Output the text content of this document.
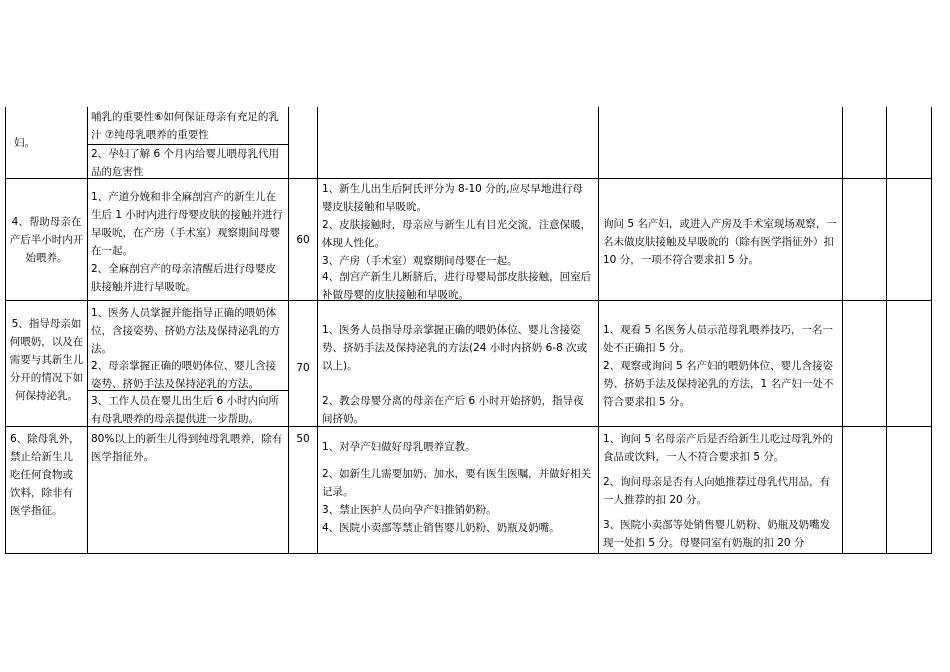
妇。

哺乳的重要性⑥如何保证母亲有充足的乳汁 ⑦纯母乳喂养的重要性

2、孕妇了解 6 个月内给婴儿喂母乳代用品的危害性

4、帮助母亲在产后半小时内开始喂养。

1、产道分娩和非全麻剖宫产的新生儿在生后 1 小时内进行母婴皮肤的接触并进行早吸吮，在产房（手术室）观察期间母婴在一起。

2、全麻剖宫产的母亲清醒后进行母婴皮肤接触并进行早吸吮。

60

1、新生儿出生后阿氏评分为 8-10 分的,应尽早地进行母婴皮肤接触和早吸吮。

2、皮肤接触时，母亲应与新生儿有目光交流，注意保暖，体现人性化。

3、产房（手术室）观察期间母婴在一起。

4、剖宫产新生儿断脐后，进行母婴局部皮肤接触，回室后补做母婴的皮肤接触和早吸吮。

询问 5 名产妇，或进入产房及手术室现场观察，一名未做皮肤接触及早吸吮的（除有医学指征外）扣 10 分，一项不符合要求扣 5 分。

5、指导母亲如何喂奶，以及在需要与其新生儿分开的情况下如何保持泌乳。

1、医务人员掌握并能指导正确的喂奶体位，含接姿势、挤奶方法及保持泌乳的方法。

2、母亲掌握正确的喂奶体位、婴儿含接姿势、挤奶手法及保持泌乳的方法。

3、工作人员在婴儿出生后 6 小时内向所有母乳喂养的母亲提供进一步帮助。

70

1、医务人员指导母亲掌握正确的喂奶体位、婴儿含接姿势、挤奶手法及保持泌乳的方法(24 小时内挤奶 6-8 次或以上)。

2、教会母婴分离的母亲在产后 6 小时开始挤奶，指导夜间挤奶。

1、观看 5 名医务人员示范母乳喂养技巧，一名一处不正确扣 5 分。

2、观察或询问 5 名产妇的喂奶体位、婴儿含接姿势、挤奶手法及保持泌乳的方法，1 名产妇一处不符合要求扣 5 分。

6、除母乳外，禁止给新生儿吃任何食物或饮料，除非有医学指征。

80%以上的新生儿得到纯母乳喂养，除有医学指征外。

50

1、对孕产妇做好母乳喂养宣教。

2、如新生儿需要加奶、加水，要有医生医嘱，并做好相关记录。

3、禁止医护人员向孕产妇推销奶粉。

4、医院小卖部等禁止销售婴儿奶粉、奶瓶及奶嘴。

1、询问 5 名母亲产后是否给新生儿吃过母乳外的食品或饮料，一人不符合要求扣 5 分。

2、询问母亲是否有人向她推荐过母乳代用品，有一人推荐的扣 20 分。

3、医院小卖部等处销售婴儿奶粉、奶瓶及奶嘴发现一处扣 5 分。母婴同室有奶瓶的扣 20 分
